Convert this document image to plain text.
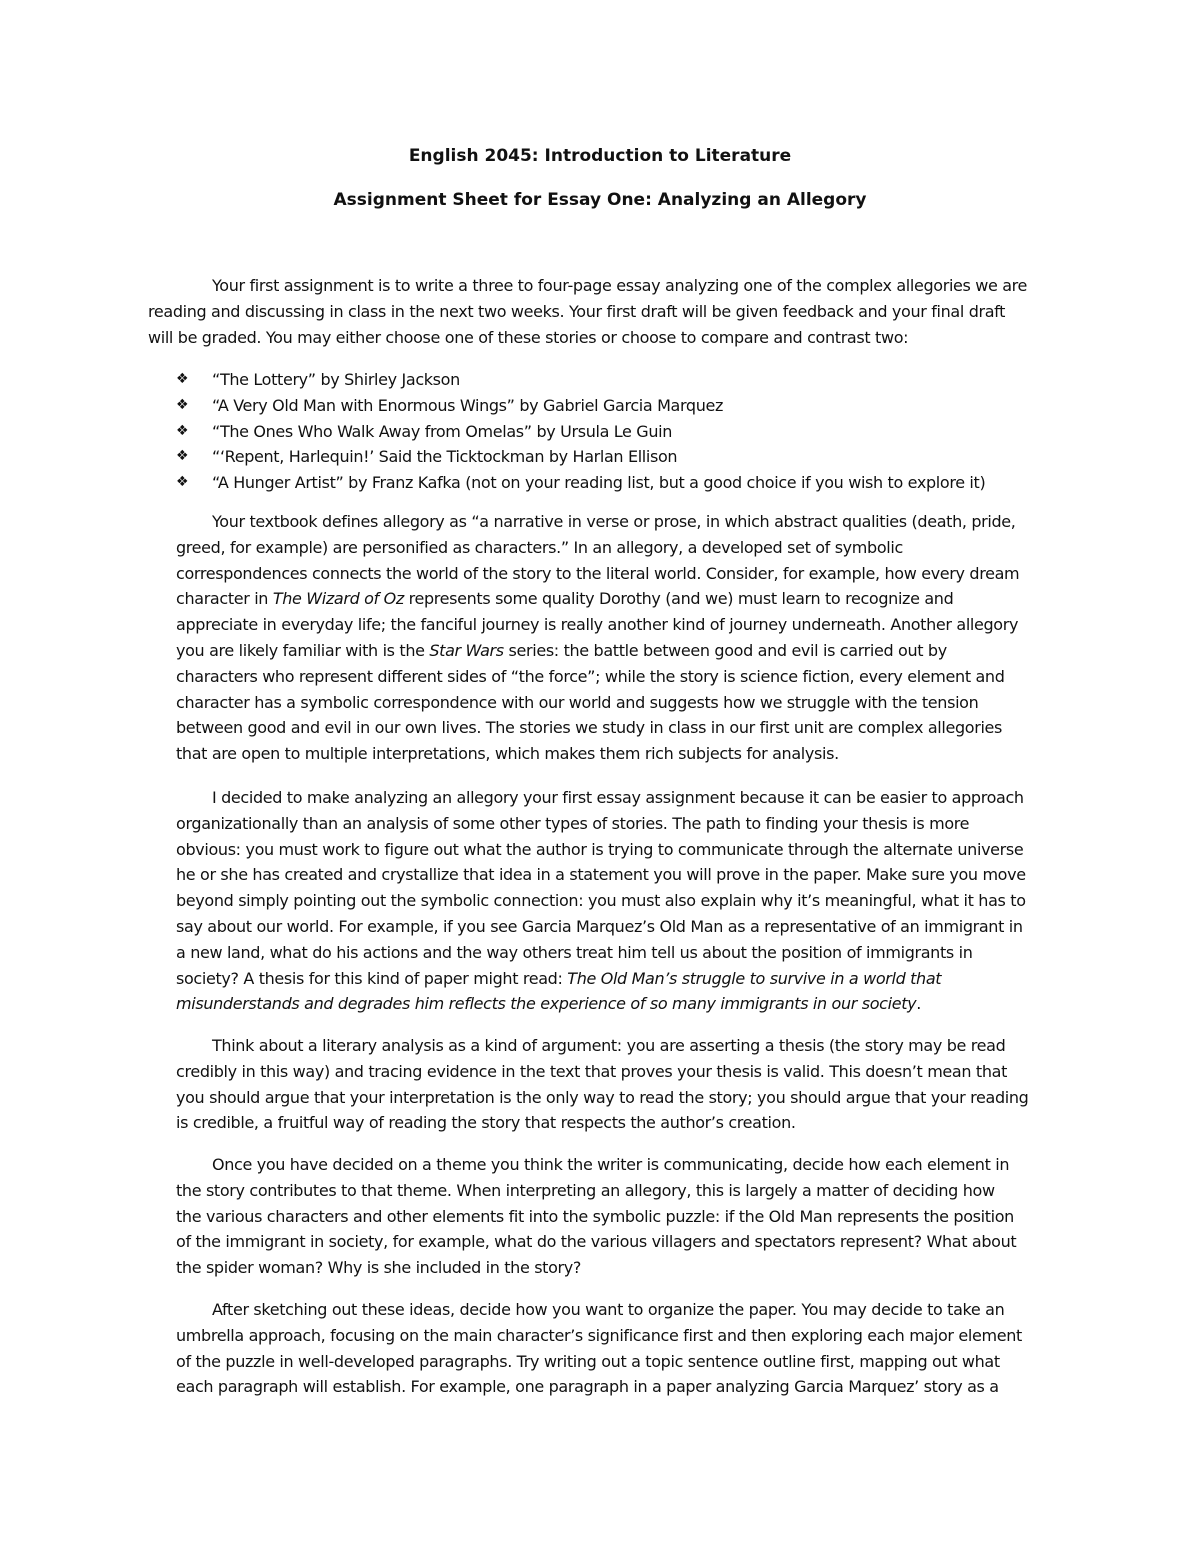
English 2045: Introduction to Literature
Assignment Sheet for Essay One: Analyzing an Allegory

Your first assignment is to write a three to four-page essay analyzing one of the complex allegories we are
reading and discussing in class in the next two weeks. Your first draft will be given feedback and your final draft
will be graded. You may either choose one of these stories or choose to compare and contrast two:

❖ “The Lottery” by Shirley Jackson
❖ “A Very Old Man with Enormous Wings” by Gabriel Garcia Marquez
❖ “The Ones Who Walk Away from Omelas” by Ursula Le Guin
❖ “‘Repent, Harlequin!’ Said the Ticktockman by Harlan Ellison
❖ “A Hunger Artist” by Franz Kafka (not on your reading list, but a good choice if you wish to explore it)

Your textbook defines allegory as “a narrative in verse or prose, in which abstract qualities (death, pride,
greed, for example) are personified as characters.” In an allegory, a developed set of symbolic
correspondences connects the world of the story to the literal world. Consider, for example, how every dream
character in The Wizard of Oz represents some quality Dorothy (and we) must learn to recognize and
appreciate in everyday life; the fanciful journey is really another kind of journey underneath. Another allegory
you are likely familiar with is the Star Wars series: the battle between good and evil is carried out by
characters who represent different sides of “the force”; while the story is science fiction, every element and
character has a symbolic correspondence with our world and suggests how we struggle with the tension
between good and evil in our own lives. The stories we study in class in our first unit are complex allegories
that are open to multiple interpretations, which makes them rich subjects for analysis.

I decided to make analyzing an allegory your first essay assignment because it can be easier to approach
organizationally than an analysis of some other types of stories. The path to finding your thesis is more
obvious: you must work to figure out what the author is trying to communicate through the alternate universe
he or she has created and crystallize that idea in a statement you will prove in the paper. Make sure you move
beyond simply pointing out the symbolic connection: you must also explain why it’s meaningful, what it has to
say about our world. For example, if you see Garcia Marquez’s Old Man as a representative of an immigrant in
a new land, what do his actions and the way others treat him tell us about the position of immigrants in
society? A thesis for this kind of paper might read: The Old Man’s struggle to survive in a world that
misunderstands and degrades him reflects the experience of so many immigrants in our society.

Think about a literary analysis as a kind of argument: you are asserting a thesis (the story may be read
credibly in this way) and tracing evidence in the text that proves your thesis is valid. This doesn’t mean that
you should argue that your interpretation is the only way to read the story; you should argue that your reading
is credible, a fruitful way of reading the story that respects the author’s creation.

Once you have decided on a theme you think the writer is communicating, decide how each element in
the story contributes to that theme. When interpreting an allegory, this is largely a matter of deciding how
the various characters and other elements fit into the symbolic puzzle: if the Old Man represents the position
of the immigrant in society, for example, what do the various villagers and spectators represent? What about
the spider woman? Why is she included in the story?

After sketching out these ideas, decide how you want to organize the paper. You may decide to take an
umbrella approach, focusing on the main character’s significance first and then exploring each major element
of the puzzle in well-developed paragraphs. Try writing out a topic sentence outline first, mapping out what
each paragraph will establish. For example, one paragraph in a paper analyzing Garcia Marquez’ story as a
